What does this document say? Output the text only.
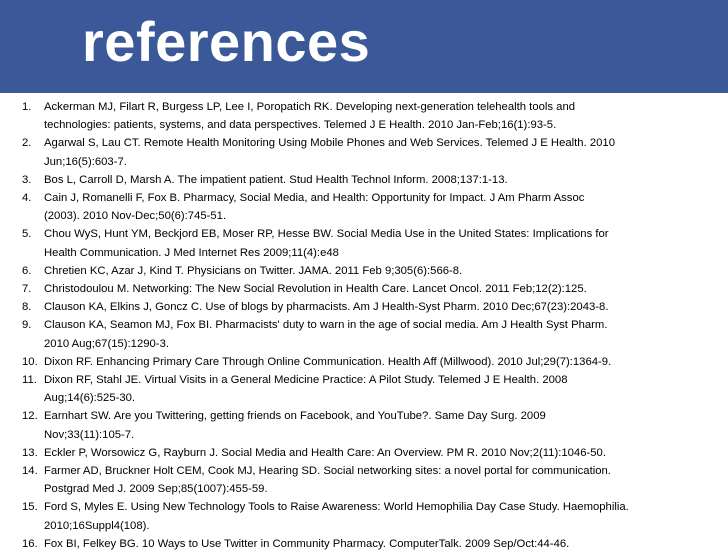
references
1. Ackerman MJ, Filart R, Burgess LP, Lee I, Poropatich RK. Developing next-generation telehealth tools and
technologies: patients, systems, and data perspectives. Telemed J E Health. 2010 Jan-Feb;16(1):93-5.
2. Agarwal S, Lau CT. Remote Health Monitoring Using Mobile Phones and Web Services. Telemed J E Health. 2010
Jun;16(5):603-7.
3. Bos L, Carroll D, Marsh A. The impatient patient. Stud Health Technol Inform. 2008;137:1-13.
4. Cain J, Romanelli F, Fox B. Pharmacy, Social Media, and Health: Opportunity for Impact. J Am Pharm Assoc
(2003). 2010 Nov-Dec;50(6):745-51.
5. Chou WyS, Hunt YM, Beckjord EB, Moser RP, Hesse BW. Social Media Use in the United States: Implications for
Health Communication. J Med Internet Res 2009;11(4):e48
6. Chretien KC, Azar J, Kind T. Physicians on Twitter. JAMA. 2011 Feb 9;305(6):566-8.
7. Christodoulou M. Networking: The New Social Revolution in Health Care. Lancet Oncol. 2011 Feb;12(2):125.
8. Clauson KA, Elkins J, Goncz C. Use of blogs by pharmacists. Am J Health-Syst Pharm. 2010 Dec;67(23):2043-8.
9. Clauson KA, Seamon MJ, Fox BI. Pharmacists' duty to warn in the age of social media. Am J Health Syst Pharm.
2010 Aug;67(15):1290-3.
10. Dixon RF. Enhancing Primary Care Through Online Communication. Health Aff (Millwood). 2010 Jul;29(7):1364-9.
11. Dixon RF, Stahl JE. Virtual Visits in a General Medicine Practice: A Pilot Study. Telemed J E Health. 2008
Aug;14(6):525-30.
12. Earnhart SW. Are you Twittering, getting friends on Facebook, and YouTube?. Same Day Surg. 2009
Nov;33(11):105-7.
13. Eckler P, Worsowicz G, Rayburn J. Social Media and Health Care: An Overview. PM R. 2010 Nov;2(11):1046-50.
14. Farmer AD, Bruckner Holt CEM, Cook MJ, Hearing SD. Social networking sites: a novel portal for communication.
Postgrad Med J. 2009 Sep;85(1007):455-59.
15. Ford S, Myles E. Using New Technology Tools to Raise Awareness: World Hemophilia Day Case Study. Haemophilia.
2010;16Suppl4(108).
16. Fox BI, Felkey BG. 10 Ways to Use Twitter in Community Pharmacy. ComputerTalk. 2009 Sep/Oct:44-46.
